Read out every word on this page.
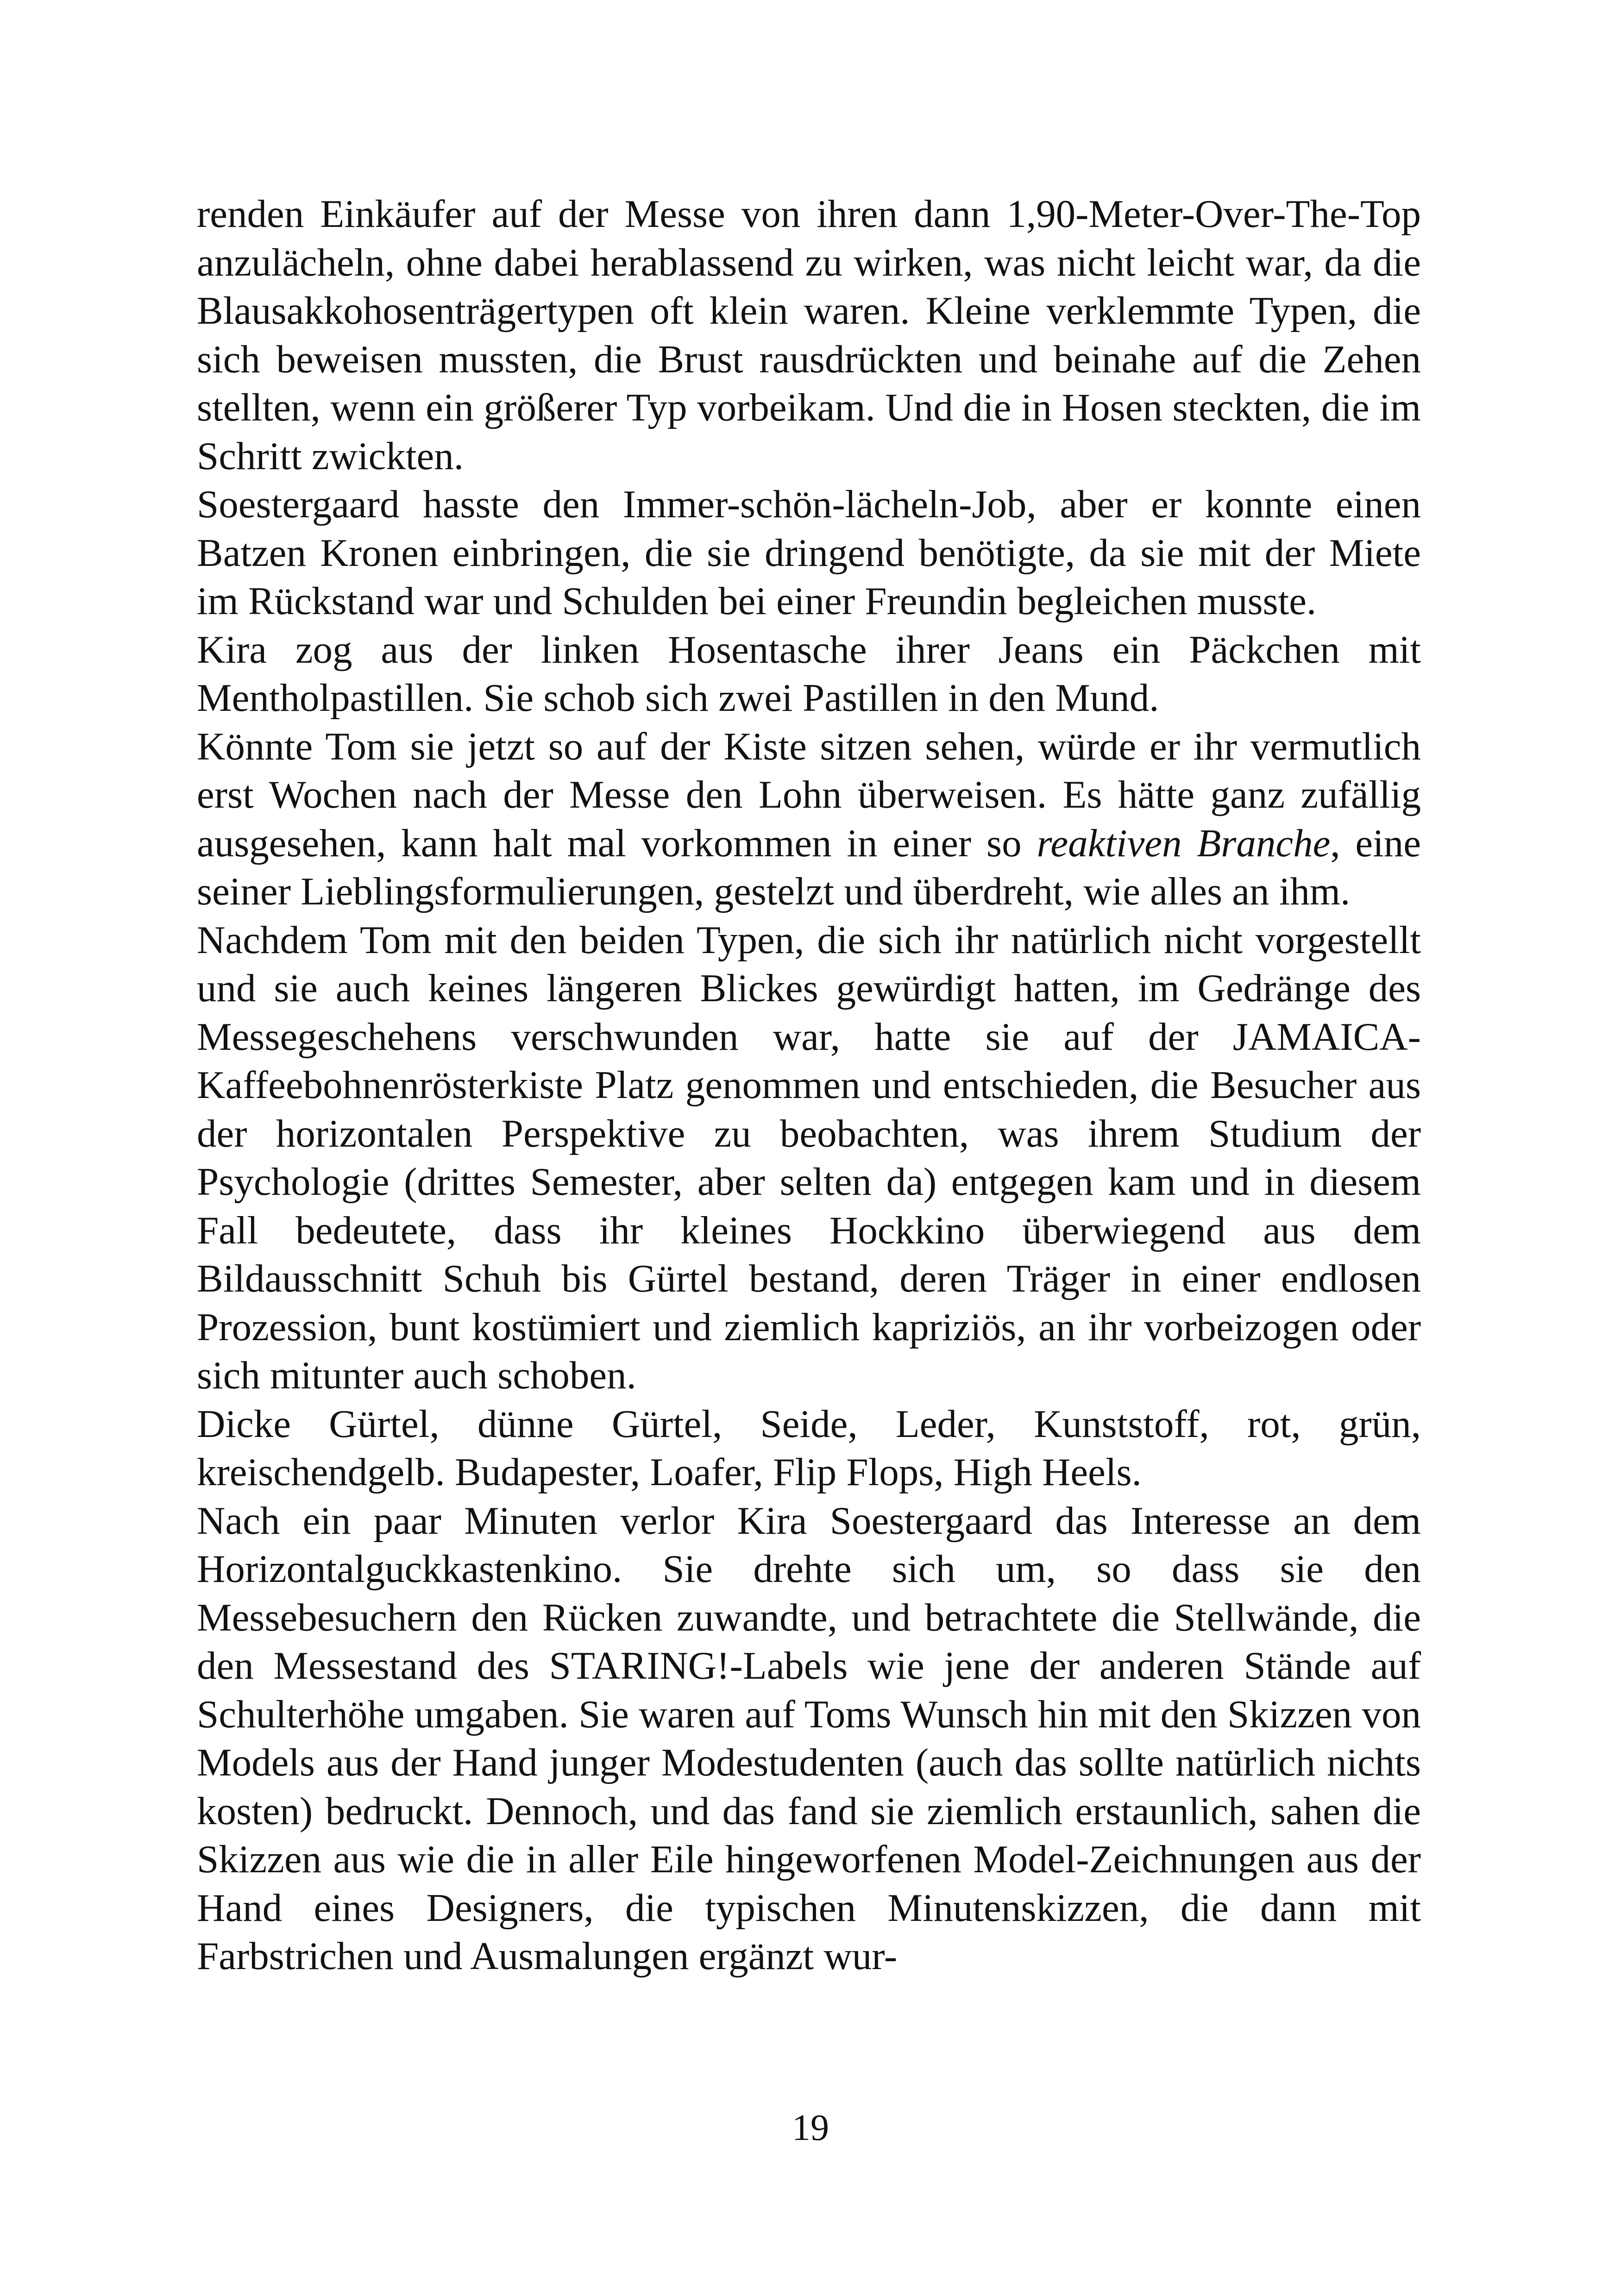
renden Einkäufer auf der Messe von ihren dann 1,90-Meter-Over-The-Top anzulächeln, ohne dabei herablassend zu wirken, was nicht leicht war, da die Blausakkohosenträgertypen oft klein waren. Kleine verklemmte Typen, die sich beweisen mussten, die Brust rausdrückten und beinahe auf die Zehen stellten, wenn ein größerer Typ vorbeikam. Und die in Hosen steckten, die im Schritt zwickten.

Soestergaard hasste den Immer-schön-lächeln-Job, aber er konnte einen Batzen Kronen einbringen, die sie dringend benötigte, da sie mit der Miete im Rückstand war und Schulden bei einer Freundin begleichen musste.

Kira zog aus der linken Hosentasche ihrer Jeans ein Päckchen mit Mentholpastillen. Sie schob sich zwei Pastillen in den Mund.

Könnte Tom sie jetzt so auf der Kiste sitzen sehen, würde er ihr vermutlich erst Wochen nach der Messe den Lohn überweisen. Es hätte ganz zufällig ausgesehen, kann halt mal vorkommen in einer so reaktiven Branche, eine seiner Lieblingsformulierungen, gestelzt und überdreht, wie alles an ihm.

Nachdem Tom mit den beiden Typen, die sich ihr natürlich nicht vorgestellt und sie auch keines längeren Blickes gewürdigt hatten, im Gedränge des Messegeschehens verschwunden war, hatte sie auf der JAMAICA-Kaffeebohnenrösterkiste Platz genommen und entschieden, die Besucher aus der horizontalen Perspektive zu beobachten, was ihrem Studium der Psychologie (drittes Semester, aber selten da) entgegen kam und in diesem Fall bedeutete, dass ihr kleines Hockkino überwiegend aus dem Bildausschnitt Schuh bis Gürtel bestand, deren Träger in einer endlosen Prozession, bunt kostümiert und ziemlich kapriziös, an ihr vorbeizogen oder sich mitunter auch schoben.

Dicke Gürtel, dünne Gürtel, Seide, Leder, Kunststoff, rot, grün, kreischendgelb. Budapester, Loafer, Flip Flops, High Heels.

Nach ein paar Minuten verlor Kira Soestergaard das Interesse an dem Horizontalguckkastenkino. Sie drehte sich um, so dass sie den Messebesuchern den Rücken zuwandte, und betrachtete die Stellwände, die den Messestand des STARING!-Labels wie jene der anderen Stände auf Schulterhöhe umgaben. Sie waren auf Toms Wunsch hin mit den Skizzen von Models aus der Hand junger Modestudenten (auch das sollte natürlich nichts kosten) bedruckt. Dennoch, und das fand sie ziemlich erstaunlich, sahen die Skizzen aus wie die in aller Eile hingeworfenen Model-Zeichnungen aus der Hand eines Designers, die typischen Minutenskizzen, die dann mit Farbstrichen und Ausmalungen ergänzt wur-

19
